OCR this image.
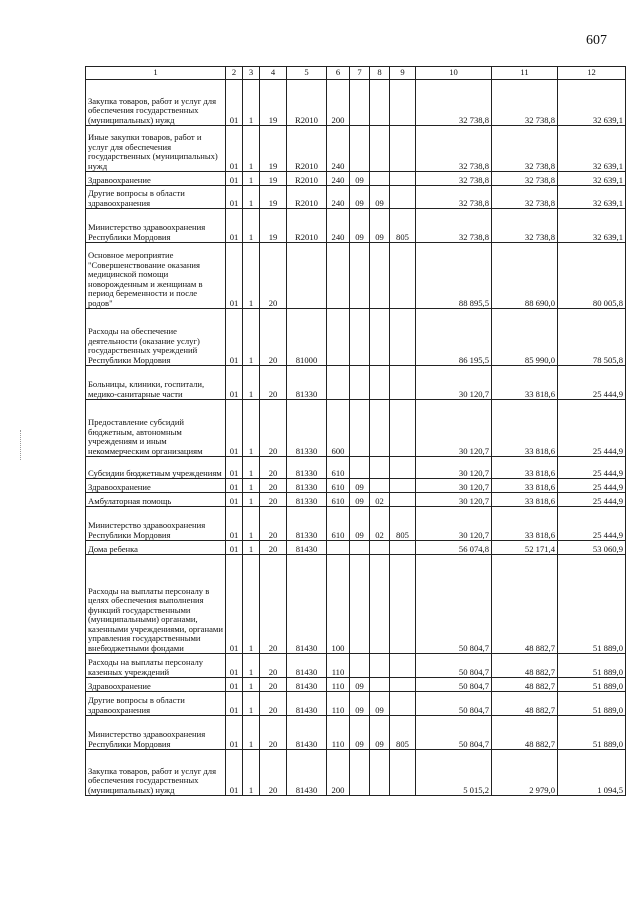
607
1	2	3	4	5	6	7	8	9	10	11	12
Закупка товаров, работ и услуг для обеспечения государственных (муниципальных) нужд	01	1	19	R2010	200				32 738,8	32 738,8	32 639,1
Иные закупки товаров, работ и услуг для обеспечения государственных (муниципальных) нужд	01	1	19	R2010	240				32 738,8	32 738,8	32 639,1
Здравоохранение	01	1	19	R2010	240	09			32 738,8	32 738,8	32 639,1
Другие вопросы в области здравоохранения	01	1	19	R2010	240	09	09		32 738,8	32 738,8	32 639,1
Министерство здравоохранения Республики Мордовия	01	1	19	R2010	240	09	09	805	32 738,8	32 738,8	32 639,1
Основное мероприятие "Совершенствование оказания медицинской помощи новорожденным и женщинам в период беременности и после родов"	01	1	20						88 895,5	88 690,0	80 005,8
Расходы на обеспечение деятельности (оказание услуг) государственных учреждений Республики Мордовия	01	1	20	81000					86 195,5	85 990,0	78 505,8
Больницы, клиники, госпитали, медико-санитарные части	01	1	20	81330					30 120,7	33 818,6	25 444,9
Предоставление субсидий бюджетным, автономным учреждениям и иным некоммерческим организациям	01	1	20	81330	600				30 120,7	33 818,6	25 444,9
Субсидии бюджетным учреждениям	01	1	20	81330	610				30 120,7	33 818,6	25 444,9
Здравоохранение	01	1	20	81330	610	09			30 120,7	33 818,6	25 444,9
Амбулаторная помощь	01	1	20	81330	610	09	02		30 120,7	33 818,6	25 444,9
Министерство здравоохранения Республики Мордовия	01	1	20	81330	610	09	02	805	30 120,7	33 818,6	25 444,9
Дома ребенка	01	1	20	81430					56 074,8	52 171,4	53 060,9
Расходы на выплаты персоналу в целях обеспечения выполнения функций государственными (муниципальными) органами, казенными учреждениями, органами управления государственными внебюджетными фондами	01	1	20	81430	100				50 804,7	48 882,7	51 889,0
Расходы на выплаты персоналу казенных учреждений	01	1	20	81430	110				50 804,7	48 882,7	51 889,0
Здравоохранение	01	1	20	81430	110	09			50 804,7	48 882,7	51 889,0
Другие вопросы в области здравоохранения	01	1	20	81430	110	09	09		50 804,7	48 882,7	51 889,0
Министерство здравоохранения Республики Мордовия	01	1	20	81430	110	09	09	805	50 804,7	48 882,7	51 889,0
Закупка товаров, работ и услуг для обеспечения государственных (муниципальных) нужд	01	1	20	81430	200				5 015,2	2 979,0	1 094,5
